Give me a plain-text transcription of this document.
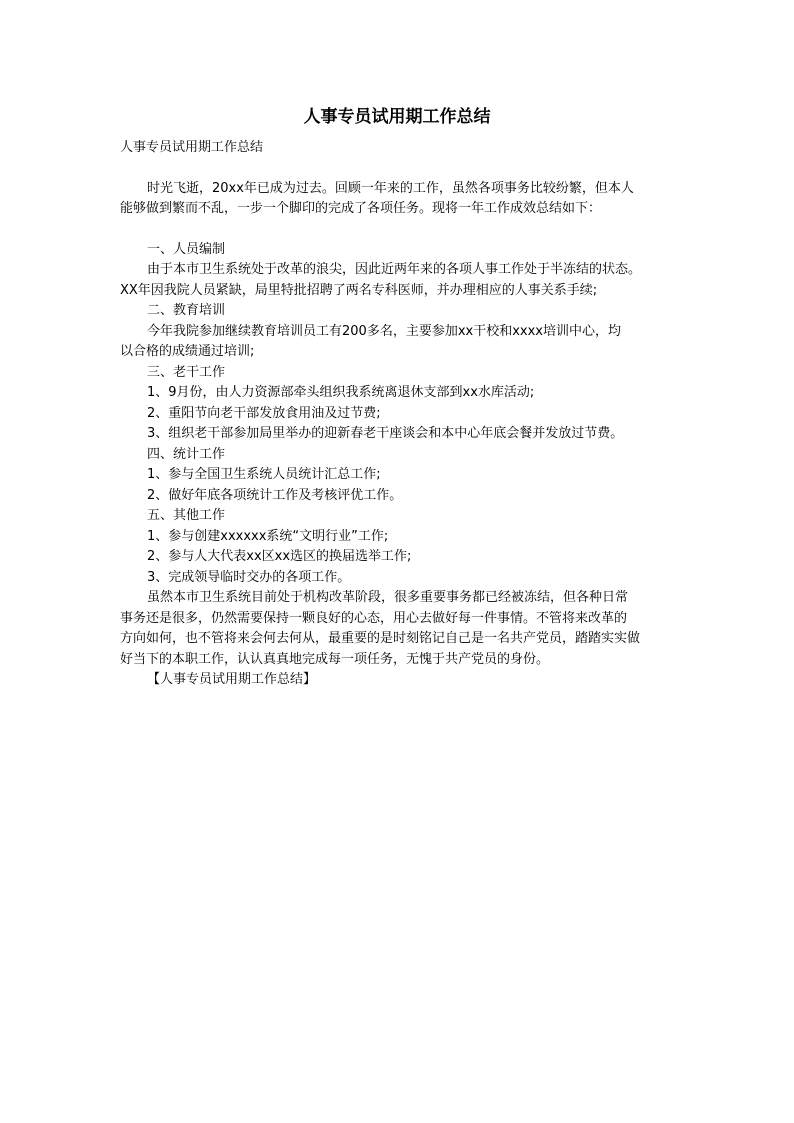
人事专员试用期工作总结
人事专员试用期工作总结
时光飞逝，20xx年已成为过去。回顾一年来的工作，虽然各项事务比较纷繁，但本人
能够做到繁而不乱，一步一个脚印的完成了各项任务。现将一年工作成效总结如下：
一、人员编制
由于本市卫生系统处于改革的浪尖，因此近两年来的各项人事工作处于半冻结的状态。
XX年因我院人员紧缺，局里特批招聘了两名专科医师，并办理相应的人事关系手续;
二、教育培训
今年我院参加继续教育培训员工有200多名，主要参加xx干校和xxxx培训中心，均
以合格的成绩通过培训;
三、老干工作
1、9月份，由人力资源部牵头组织我系统离退休支部到xx水库活动;
2、重阳节向老干部发放食用油及过节费;
3、组织老干部参加局里举办的迎新春老干座谈会和本中心年底会餐并发放过节费。
四、统计工作
1、参与全国卫生系统人员统计汇总工作;
2、做好年底各项统计工作及考核评优工作。
五、其他工作
1、参与创建xxxxxx系统“文明行业”工作;
2、参与人大代表xx区xx选区的换届选举工作;
3、完成领导临时交办的各项工作。
虽然本市卫生系统目前处于机构改革阶段，很多重要事务都已经被冻结，但各种日常
事务还是很多，仍然需要保持一颗良好的心态，用心去做好每一件事情。不管将来改革的
方向如何，也不管将来会何去何从，最重要的是时刻铭记自己是一名共产党员，踏踏实实做
好当下的本职工作，认认真真地完成每一项任务，无愧于共产党员的身份。
【人事专员试用期工作总结】
